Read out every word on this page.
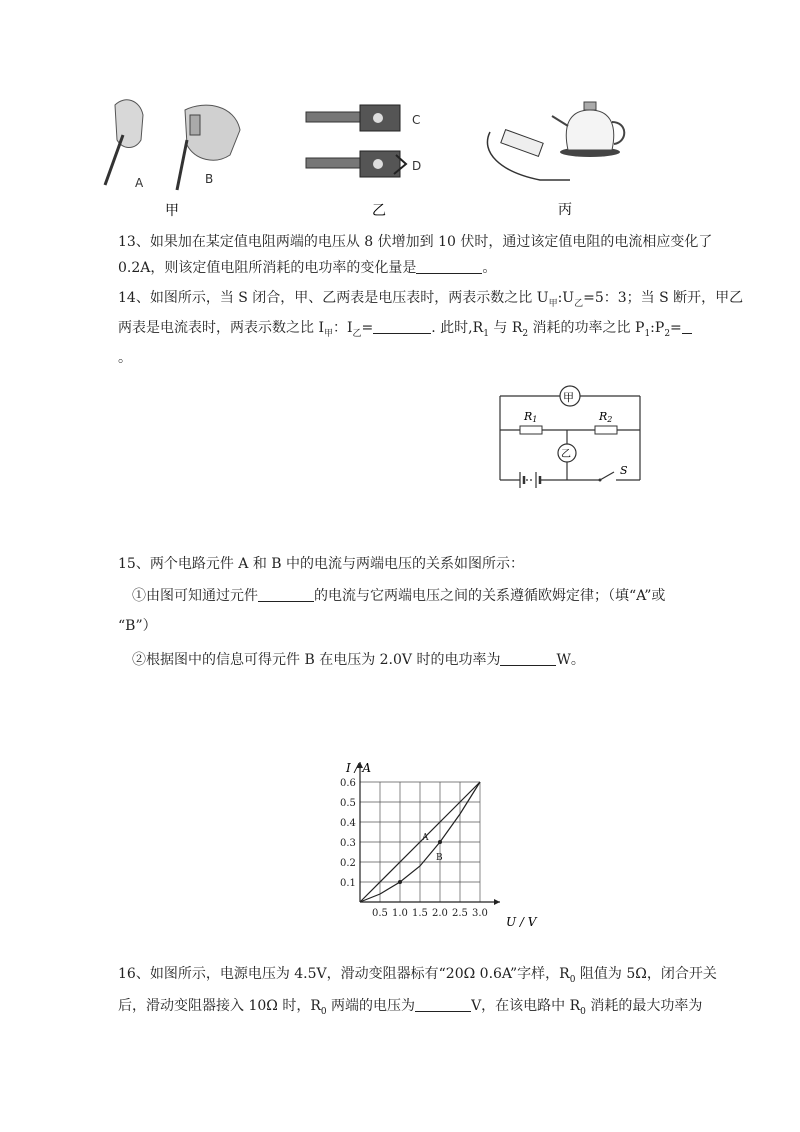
A	B
甲
C
D
乙	丙
13、如果加在某定值电阻两端的电压从 8 伏增加到 10 伏时，通过该定值电阻的电流相应变化了
0.2A，则该定值电阻所消耗的电功率的变化量是	。
14、如图所示，当 S 闭合，甲、乙两表是电压表时，两表示数之比 $U_甲:U_乙=5$：3；当 S 断开，甲乙
两表是电流表时，两表示数之比 $I_甲$：$I_乙=$	. 此时$,R_1$ 与 $R_2$ 消耗的功率之比 $P_1:P_2=$
。
甲
R1	R2
乙
S
15、两个电路元件 A 和 B 中的电流与两端电压的关系如图所示：
①由图可知通过元件	的电流与它两端电压之间的关系遵循欧姆定律；（填“A”或
“B”）
②根据图中的信息可得元件 B 在电压为 2.0V 时的电功率为	W。
A
B
0.5 1.0 1.5 2.0 2.5 3.0
0.1
0.2
0.3
0.4
0.5
0.6
I / A
U / V
16、如图所示，电源电压为 4.5V，滑动变阻器标有“20Ω 0.6A”字样，$R_0$ 阻值为 5Ω，闭合开关
后，滑动变阻器接入 10Ω 时，$R_0$ 两端的电压为	V，在该电路中 $R_0$ 消耗的最大功率为
